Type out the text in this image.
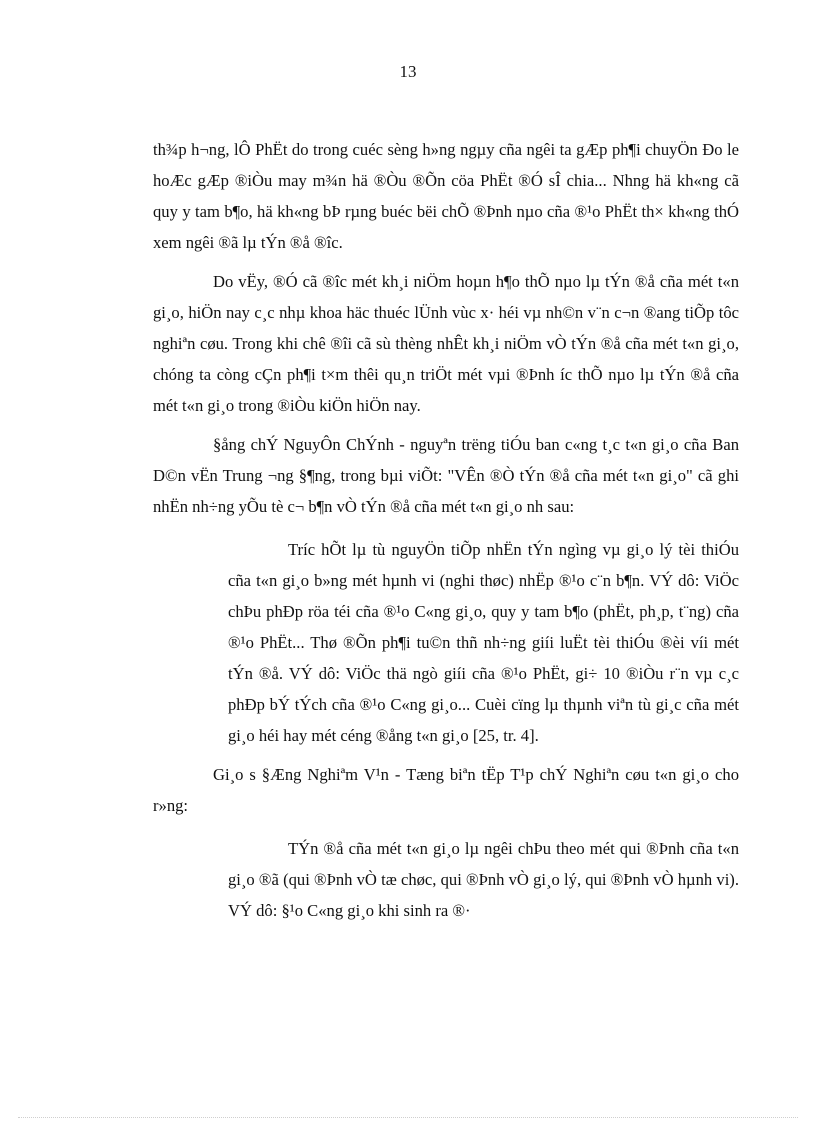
13

th¾p h¬ng, lÔ PhËt do trong cuéc sèng h»ng ngµy cña ngêi ta gÆp ph¶i chuyÖn Ðo le hoÆc gÆp ®iÒu may m¾n hä ®Òu ®Õn cöa PhËt ®Ó sÎ chia... Nhng hä kh«ng cã quy y tam b¶o, hä kh«ng bÞ rµng buéc bëi chÕ ®Þnh nµo cña ®¹o PhËt th× kh«ng thÓ xem ngêi ®ã lµ tÝn ®å ®îc.

Do vËy, ®Ó cã ®îc mét kh¸i niÖm hoµn h¶o thÕ nµo lµ tÝn ®å cña mét t«n gi¸o, hiÖn nay c¸c nhµ khoa häc thuéc lÜnh vùc x· héi vµ nh©n v¨n c¬n ®ang tiÕp tôc nghiªn cøu. Trong khi chê ®îi cã sù thèng nhÊt kh¸i niÖm vÒ tÝn ®å cña mét t«n gi¸o, chóng ta còng cÇn ph¶i t×m thêi qu¸n triÖt mét vµi ®Þnh íc thÕ nµo lµ tÝn ®å cña mét t«n gi¸o trong ®iÒu kiÖn hiÖn nay.

§ång chÝ NguyÔn ChÝnh - nguyªn trëng tiÓu ban c«ng t¸c t«n gi¸o cña Ban D©n vËn Trung ¬ng §¶ng, trong bµi viÕt: "VÊn ®Ò tÝn ®å cña mét t«n gi¸o" cã ghi nhËn nh÷ng yÕu tè c¬ b¶n vÒ tÝn ®å cña mét t«n gi¸o nh sau:

Tríc hÕt lµ tù nguyÖn tiÕp nhËn tÝn ngìng vµ gi¸o lý tèi thiÓu cña t«n gi¸o b»ng mét hµnh vi (nghi thøc) nhËp ®¹o c¨n b¶n. VÝ dô: ViÖc chÞu phÐp röa téi cña ®¹o C«ng gi¸o, quy y tam b¶o (phËt, ph¸p, t¨ng) cña ®¹o PhËt... Thø ®Õn ph¶i tu©n thñ nh÷ng giíi luËt tèi thiÓu ®èi víi mét tÝn ®å. VÝ dô: ViÖc thä ngò giíi cña ®¹o PhËt, gi÷ 10 ®iÒu r¨n vµ c¸c phÐp bÝ tÝch cña ®¹o C«ng gi¸o... Cuèi cïng lµ thµnh viªn tù gi¸c cña mét gi¸o héi hay mét céng ®ång t«n gi¸o [25, tr. 4].

Gi¸o s §Æng Nghiªm V¹n - Tæng biªn tËp T¹p chÝ Nghiªn cøu t«n gi¸o cho r»ng:

TÝn ®å cña mét t«n gi¸o lµ ngêi chÞu theo mét qui ®Þnh cña t«n gi¸o ®ã (qui ®Þnh vÒ tæ chøc, qui ®Þnh vÒ gi¸o lý, qui ®Þnh vÒ hµnh vi). VÝ dô: §¹o C«ng gi¸o khi sinh ra ®·
